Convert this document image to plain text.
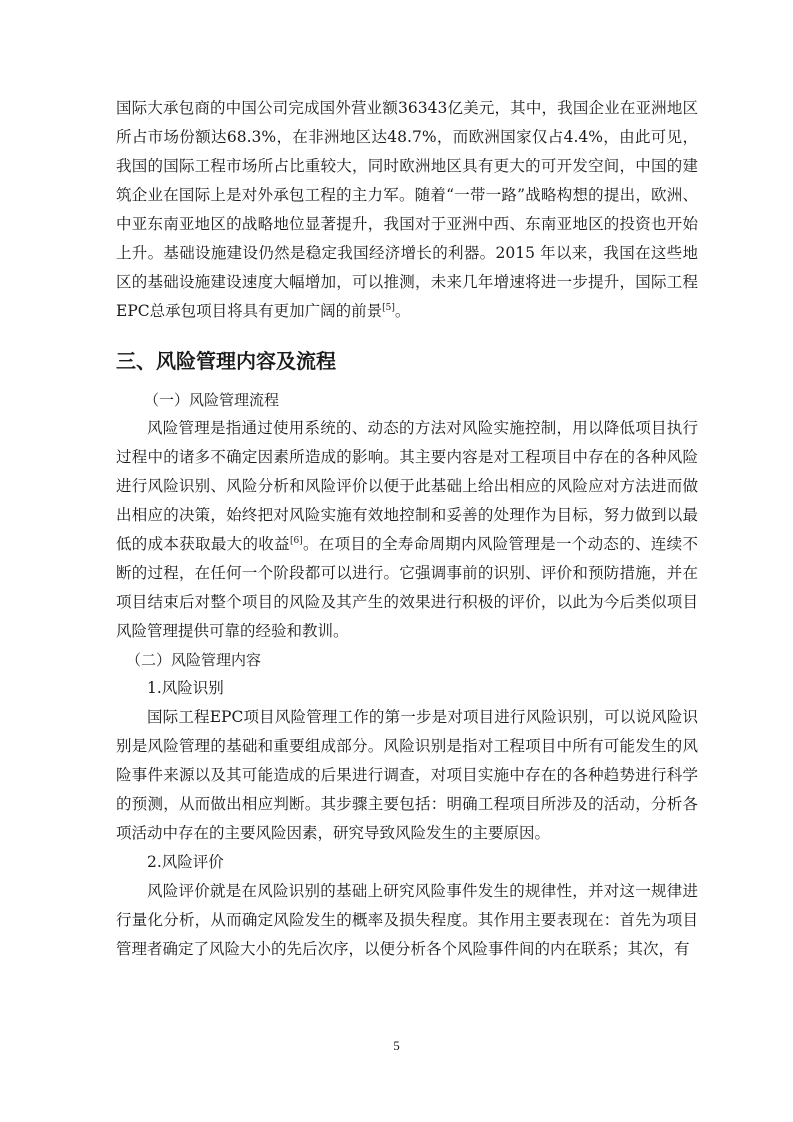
国际大承包商的中国公司完成国外营业额36343亿美元，其中，我国企业在亚洲地区所占市场份额达68.3%，在非洲地区达48.7%，而欧洲国家仅占4.4%，由此可见，我国的国际工程市场所占比重较大，同时欧洲地区具有更大的可开发空间，中国的建筑企业在国际上是对外承包工程的主力军。随着“一带一路”战略构想的提出，欧洲、中亚东南亚地区的战略地位显著提升，我国对于亚洲中西、东南亚地区的投资也开始上升。基础设施建设仍然是稳定我国经济增长的利器。2015 年以来，我国在这些地区的基础设施建设速度大幅增加，可以推测，未来几年增速将进一步提升，国际工程EPC总承包项目将具有更加广阔的前景[5]。

三、风险管理内容及流程

（一）风险管理流程

风险管理是指通过使用系统的、动态的方法对风险实施控制，用以降低项目执行过程中的诸多不确定因素所造成的影响。其主要内容是对工程项目中存在的各种风险进行风险识别、风险分析和风险评价以便于此基础上给出相应的风险应对方法进而做出相应的决策，始终把对风险实施有效地控制和妥善的处理作为目标，努力做到以最低的成本获取最大的收益[6]。在项目的全寿命周期内风险管理是一个动态的、连续不断的过程，在任何一个阶段都可以进行。它强调事前的识别、评价和预防措施，并在项目结束后对整个项目的风险及其产生的效果进行积极的评价，以此为今后类似项目风险管理提供可靠的经验和教训。

（二）风险管理内容

1.风险识别

国际工程EPC项目风险管理工作的第一步是对项目进行风险识别，可以说风险识别是风险管理的基础和重要组成部分。风险识别是指对工程项目中所有可能发生的风险事件来源以及其可能造成的后果进行调查，对项目实施中存在的各种趋势进行科学的预测，从而做出相应判断。其步骤主要包括：明确工程项目所涉及的活动，分析各项活动中存在的主要风险因素，研究导致风险发生的主要原因。

2.风险评价

风险评价就是在风险识别的基础上研究风险事件发生的规律性，并对这一规律进行量化分析，从而确定风险发生的概率及损失程度。其作用主要表现在：首先为项目管理者确定了风险大小的先后次序，以便分析各个风险事件间的内在联系；其次，有

5
